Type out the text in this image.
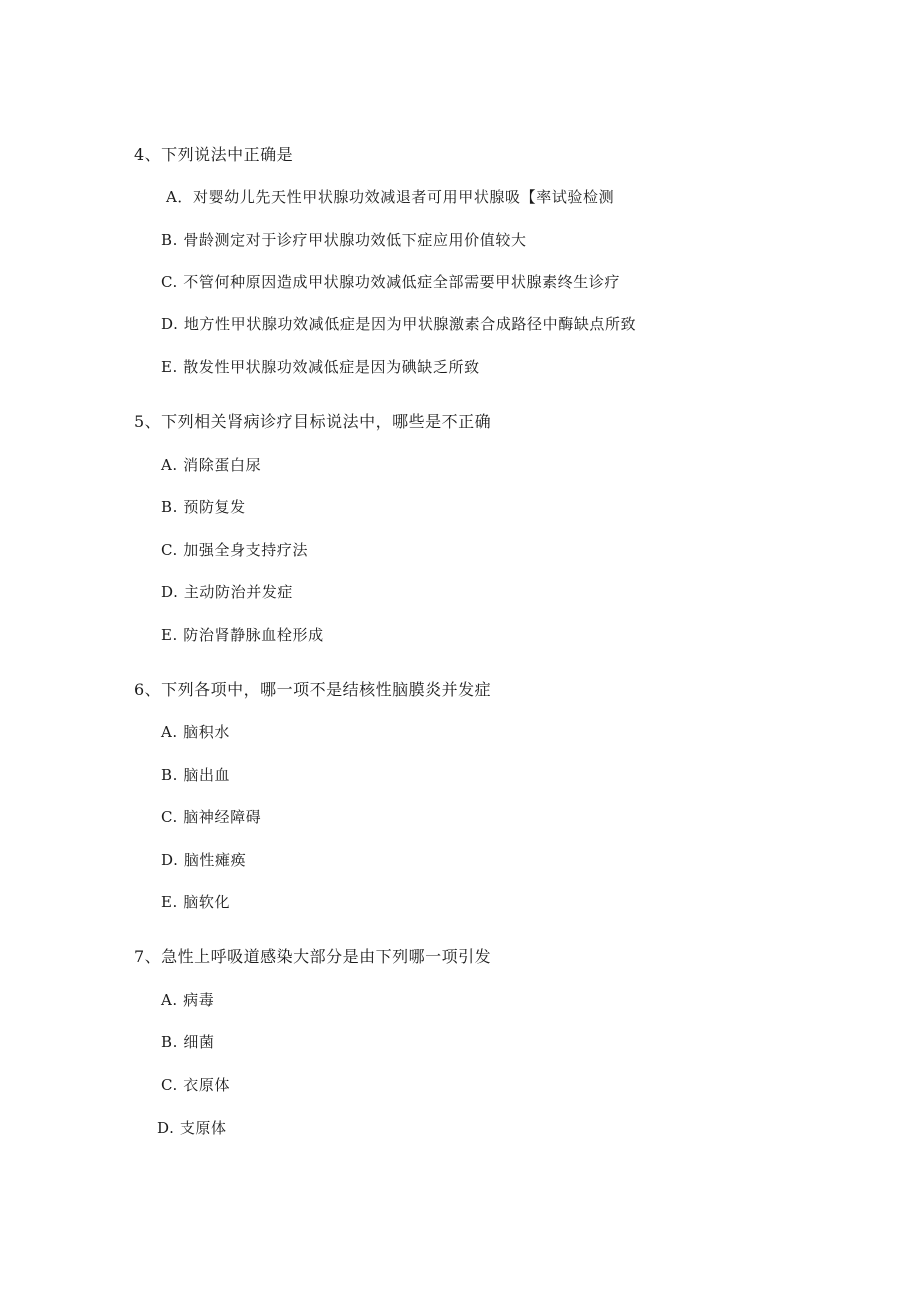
4、下列说法中正确是
A．对婴幼儿先天性甲状腺功效减退者可用甲状腺吸【率试验检测
B. 骨龄测定对于诊疗甲状腺功效低下症应用价值较大
C. 不管何种原因造成甲状腺功效减低症全部需要甲状腺素终生诊疗
D. 地方性甲状腺功效减低症是因为甲状腺激素合成路径中酶缺点所致
E. 散发性甲状腺功效减低症是因为碘缺乏所致
5、下列相关肾病诊疗目标说法中，哪些是不正确
A. 消除蛋白尿
B. 预防复发
C. 加强全身支持疗法
D. 主动防治并发症
E. 防治肾静脉血栓形成
6、下列各项中，哪一项不是结核性脑膜炎并发症
A. 脑积水
B. 脑出血
C. 脑神经障碍
D. 脑性瘫痪
E. 脑软化
7、急性上呼吸道感染大部分是由下列哪一项引发
A. 病毒
B. 细菌
C. 衣原体
D. 支原体
